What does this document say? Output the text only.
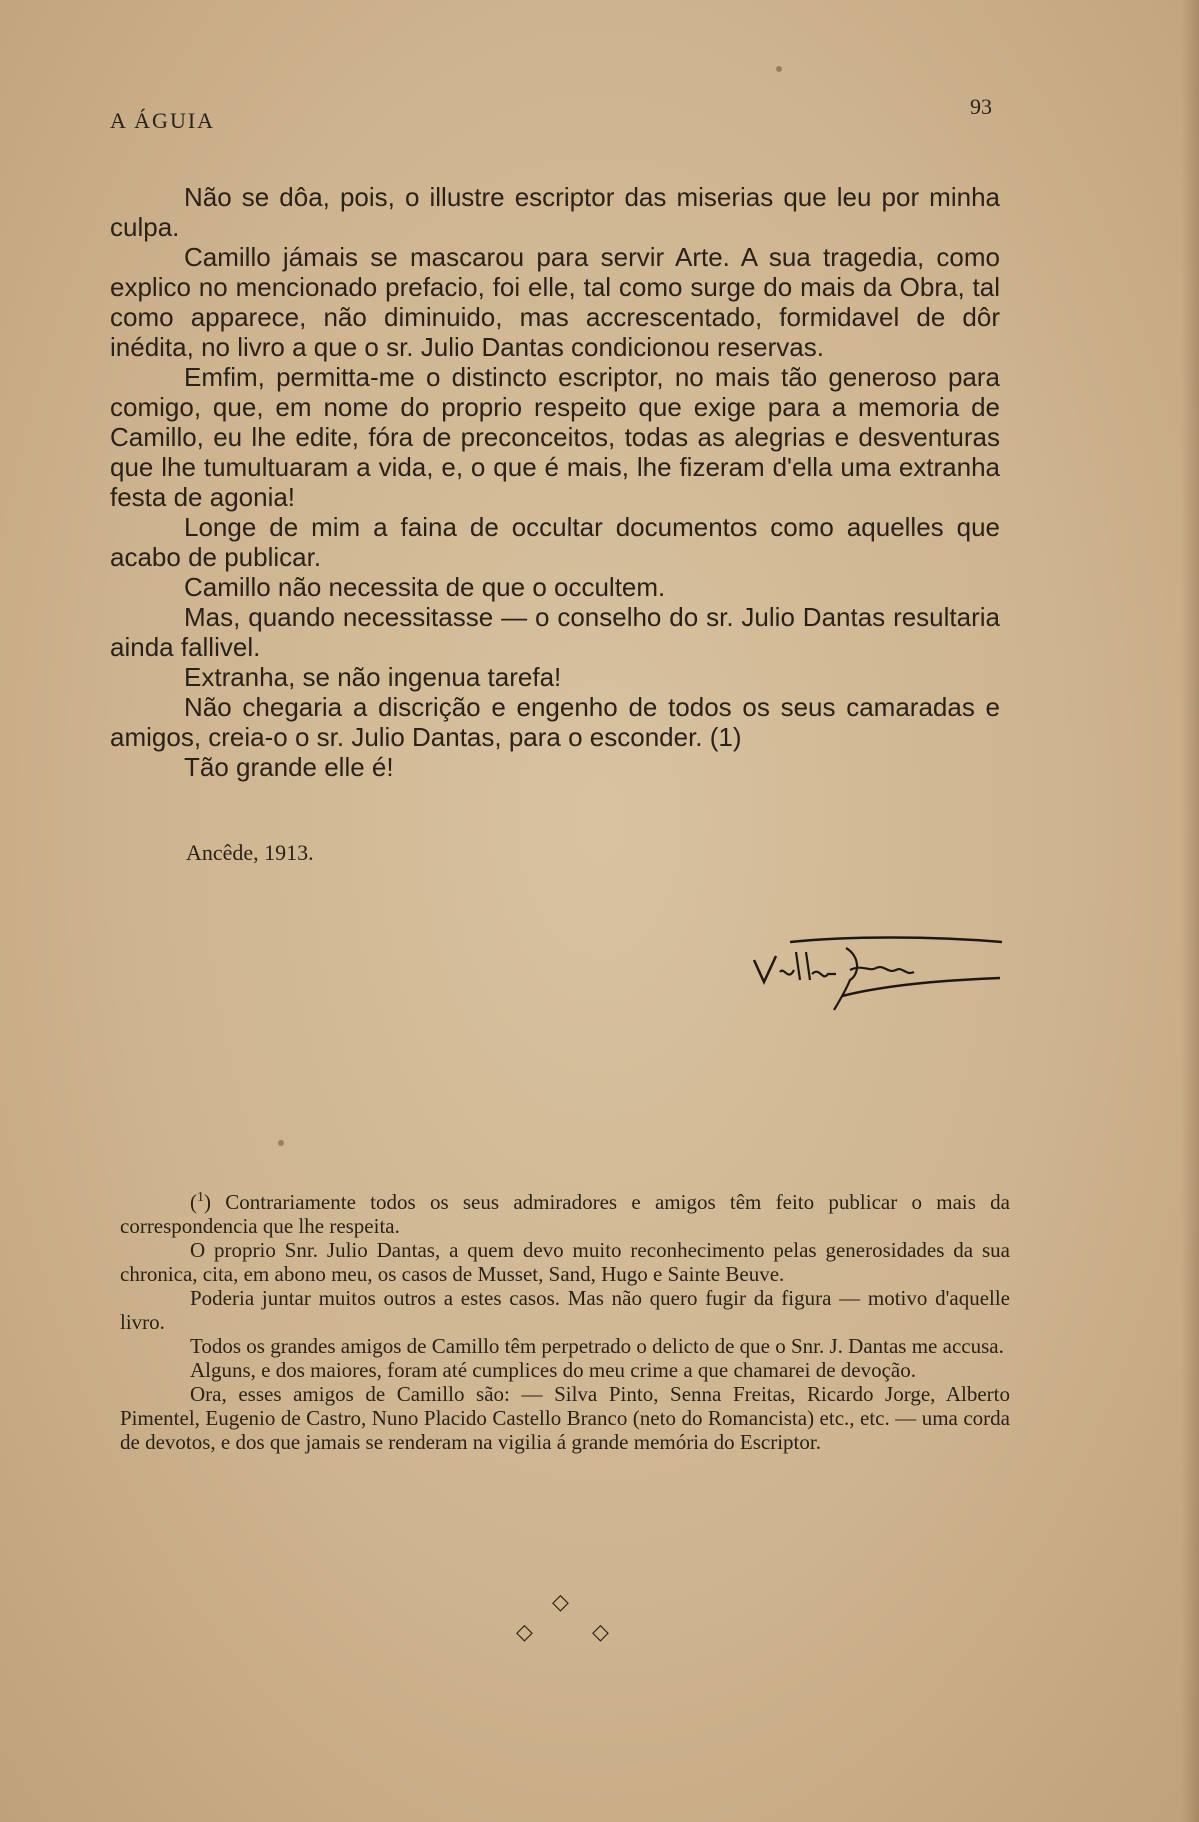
A ÁGUIA
93

Não se dôa, pois, o illustre escriptor das miserias que leu por minha culpa.

Camillo jámais se mascarou para servir Arte. A sua tragedia, como explico no mencionado prefacio, foi elle, tal como surge do mais da Obra, tal como apparece, não diminuido, mas accrescentado, formidavel de dôr inédita, no livro a que o sr. Julio Dantas condicionou reservas.

Emfim, permitta-me o distincto escriptor, no mais tão generoso para comigo, que, em nome do proprio respeito que exige para a memoria de Camillo, eu lhe edite, fóra de preconceitos, todas as alegrias e desventuras que lhe tumultuaram a vida, e, o que é mais, lhe fizeram d'ella uma extranha festa de agonia!

Longe de mim a faina de occultar documentos como aquelles que acabo de publicar.

Camillo não necessita de que o occultem.

Mas, quando necessitasse — o conselho do sr. Julio Dantas resultaria ainda fallivel.

Extranha, se não ingenua tarefa!

Não chegaria a discrição e engenho de todos os seus camaradas e amigos, creia-o o sr. Julio Dantas, para o esconder. (1)

Tão grande elle é!

Ancêde, 1913.

($^1$) Contrariamente todos os seus admiradores e amigos têm feito publicar o mais da correspondencia que lhe respeita.

O proprio Snr. Julio Dantas, a quem devo muito reconhecimento pelas generosidades da sua chronica, cita, em abono meu, os casos de Musset, Sand, Hugo e Sainte Beuve.

Poderia juntar muitos outros a estes casos. Mas não quero fugir da figura — motivo d'aquelle livro.

Todos os grandes amigos de Camillo têm perpetrado o delicto de que o Snr. J. Dantas me accusa.

Alguns, e dos maiores, foram até cumplices do meu crime a que chamarei de devoção.

Ora, esses amigos de Camillo são: — Silva Pinto, Senna Freitas, Ricardo Jorge, Alberto Pimentel, Eugenio de Castro, Nuno Placido Castello Branco (neto do Romancista) etc., etc. — uma corda de devotos, e dos que jamais se renderam na vigilia á grande memória do Escriptor.

◇
◇	◇
